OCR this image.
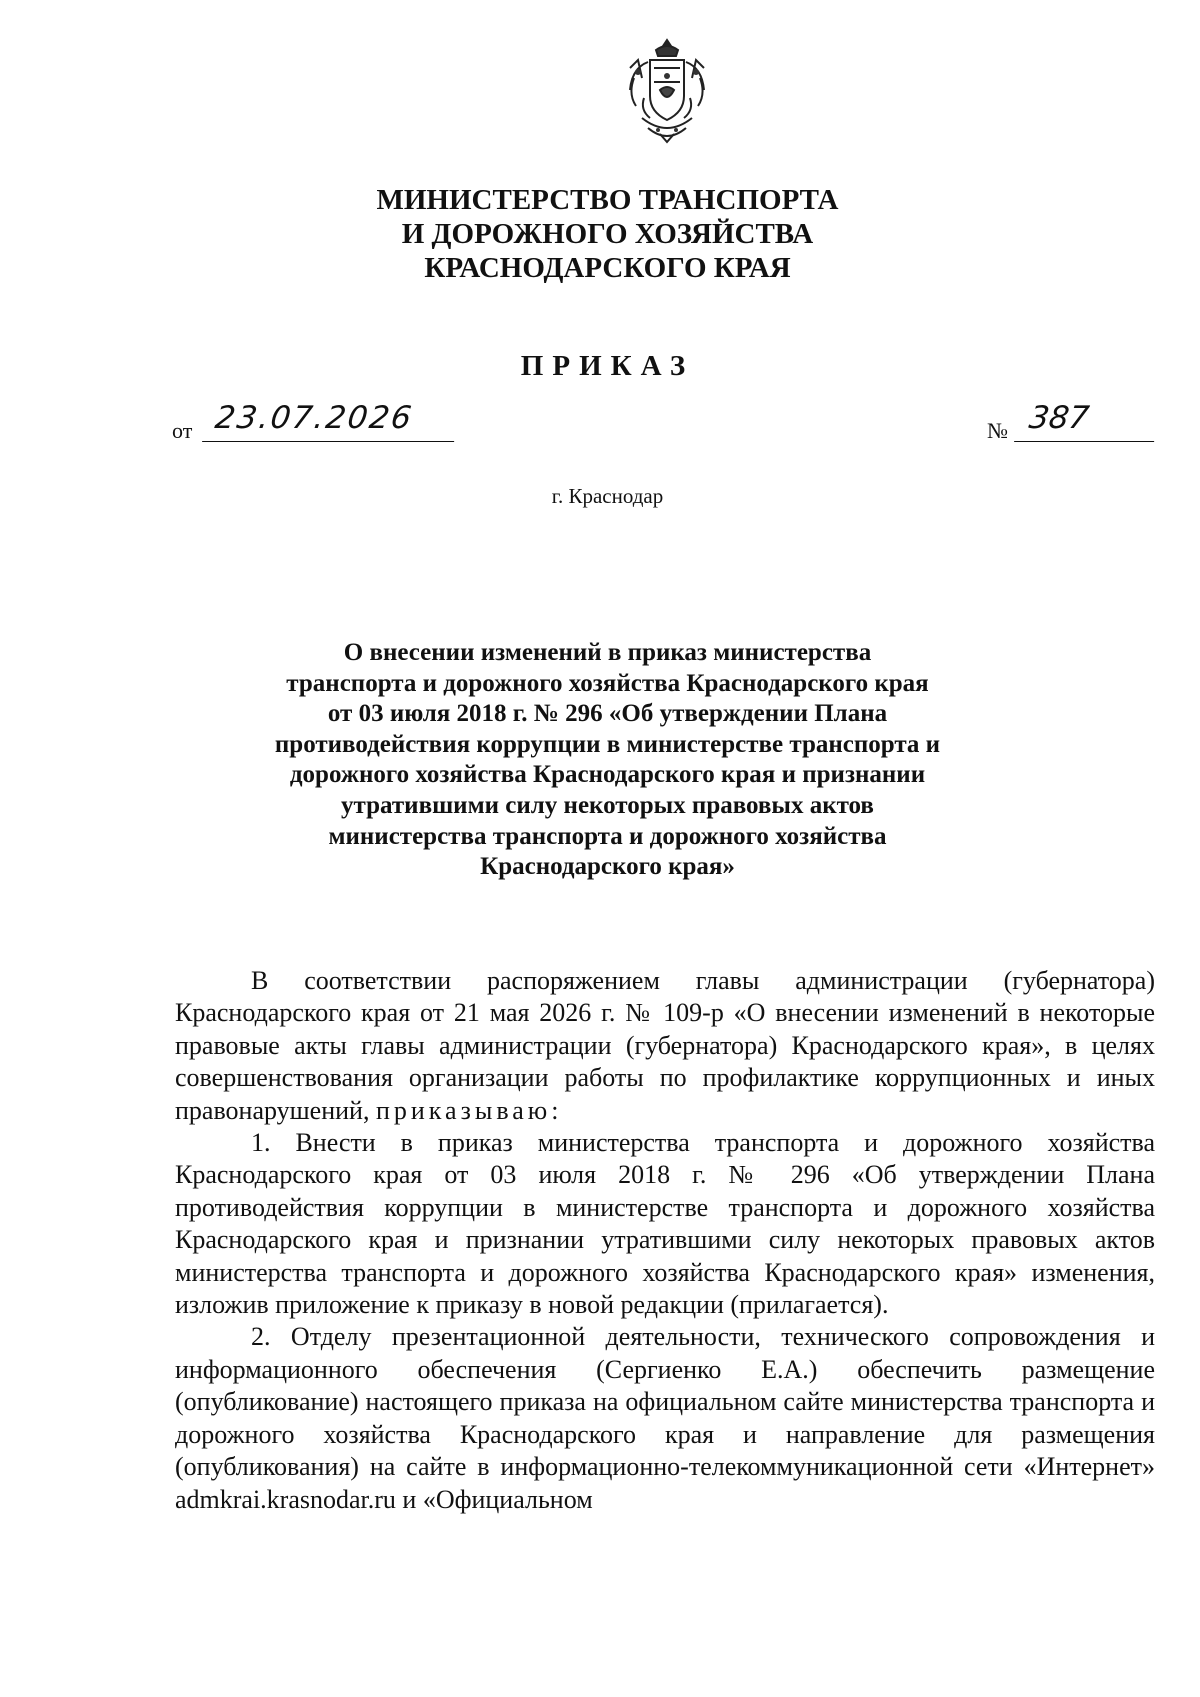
МИНИСТЕРСТВО ТРАНСПОРТА
И ДОРОЖНОГО ХОЗЯЙСТВА
КРАСНОДАРСКОГО КРАЯ
ПРИКАЗ
от 23.07.2026	№ 387
г. Краснодар
О внесении изменений в приказ министерства
транспорта и дорожного хозяйства Краснодарского края
от 03 июля 2018 г. № 296 «Об утверждении Плана
противодействия коррупции в министерстве транспорта и
дорожного хозяйства Краснодарского края и признании
утратившими силу некоторых правовых актов
министерства транспорта и дорожного хозяйства
Краснодарского края»

В соответствии распоряжением главы администрации (губернатора) Краснодарского края от 21 мая 2026 г. № 109-р «О внесении изменений в некоторые правовые акты главы администрации (губернатора) Краснодарского края», в целях совершенствования организации работы по профилактике коррупционных и иных правонарушений, приказываю:

1. Внести в приказ министерства транспорта и дорожного хозяйства Краснодарского края от 03 июля 2018 г. № 296 «Об утверждении Плана противодействия коррупции в министерстве транспорта и дорожного хозяйства Краснодарского края и признании утратившими силу некоторых правовых актов министерства транспорта и дорожного хозяйства Краснодарского края» изменения, изложив приложение к приказу в новой редакции (прилагается).

2. Отделу презентационной деятельности, технического сопровождения и информационного обеспечения (Сергиенко Е.А.) обеспечить размещение (опубликование) настоящего приказа на официальном сайте министерства транспорта и дорожного хозяйства Краснодарского края и направление для размещения (опубликования) на сайте в информационно-телекоммуникационной сети «Интернет» admkrai.krasnodar.ru и «Официальном
